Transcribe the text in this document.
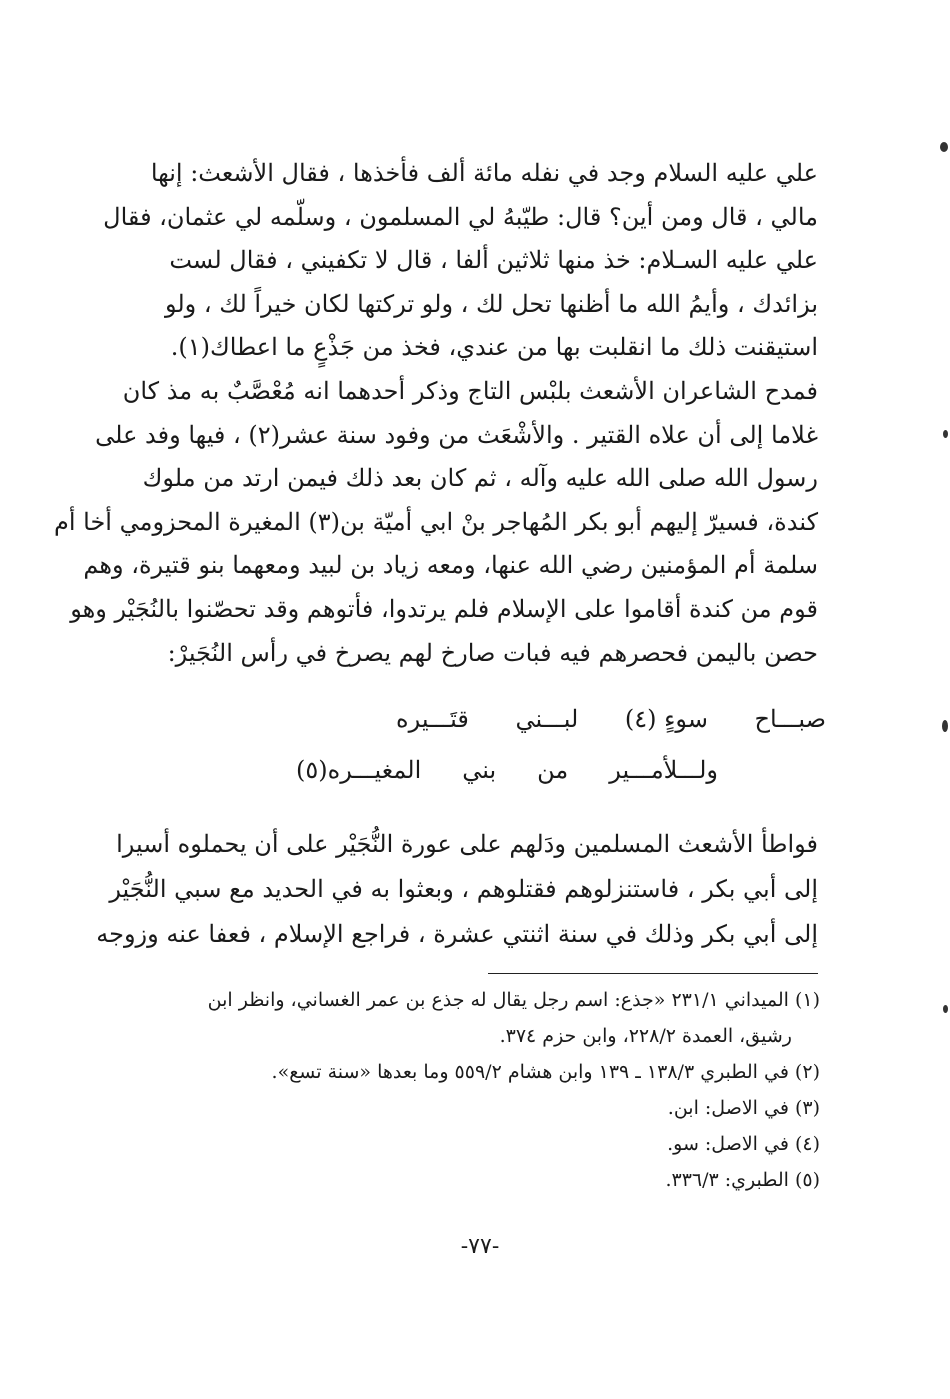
علي عليه السلام وجد في نفله مائة ألف فأخذها ، فقال الأشعث: إنها
مالي ، قال ومن أين؟ قال: طيّبهُ لي المسلمون ، وسلّمه لي عثمان، فقال
علي عليه السـلام: خذ منها ثلاثين ألفا ، قال لا تكفيني ، فقال لست
بزائدك ، وأيمُ الله ما أظنها تحل لك ، ولو تركتها لكان خيراً لك ، ولو
استيقنت ذلك ما انقلبت بها من عندي، فخذ من جَذْعٍ ما اعطاك(١).
فمدح الشاعران الأشعث بلبْس التاج وذكر أحدهما انه مُعْصَّبٌ به مذ كان
غلاما إلى أن علاه القتير . والأشْعَث من وفود سنة عشر(٢) ، فيها وفد على
رسول الله صلى الله عليه وآله ، ثم كان بعد ذلك فيمن ارتد من ملوك
كندة، فسيرّ إليهم أبو بكر المُهاجر بنْ ابي أميّة بن(٣) المغيرة المحزومي أخا أم
سلمة أم المؤمنين رضي الله عنها، ومعه زياد بن لبيد ومعهما بنو قتيرة، وهم
قوم من كندة أقاموا على الإسلام فلم يرتدوا، فأتوهم وقد تحصّنوا بالنُجَيْر وهو
حصن باليمن فحصرهم فيه فبات صارخ لهم يصرخ في رأس النُجَيرْ:
صبـــاح
سوءٍ (٤)
لبـــني
قتَـــيره
ولـــلأمـــير
من
بني
المغيـــره(٥)
فواطأ الأشعث المسلمين ودَلهم على عورة النُّجَيْر على أن يحملوه أسيرا
إلى أبي بكر ، فاستنزلوهم فقتلوهم ، وبعثوا به في الحديد مع سبي النُّجَيْر
إلى أبي بكر وذلك في سنة اثنتي عشرة ، فراجع الإسلام ، فعفا عنه وزوجه
(١) الميداني ٢٣١/١ «جذع: اسم رجل يقال له جذع بن عمر الغساني، وانظر ابن
رشيق، العمدة ٢٢٨/٢، وابن حزم ٣٧٤.
(٢) في الطبري ١٣٨/٣ ـ ١٣٩ وابن هشام ٥٥٩/٢ وما بعدها «سنة تسع».
(٣) في الاصل: ابن.
(٤) في الاصل: سو.
(٥) الطبري: ٣٣٦/٣.
-٧٧-
